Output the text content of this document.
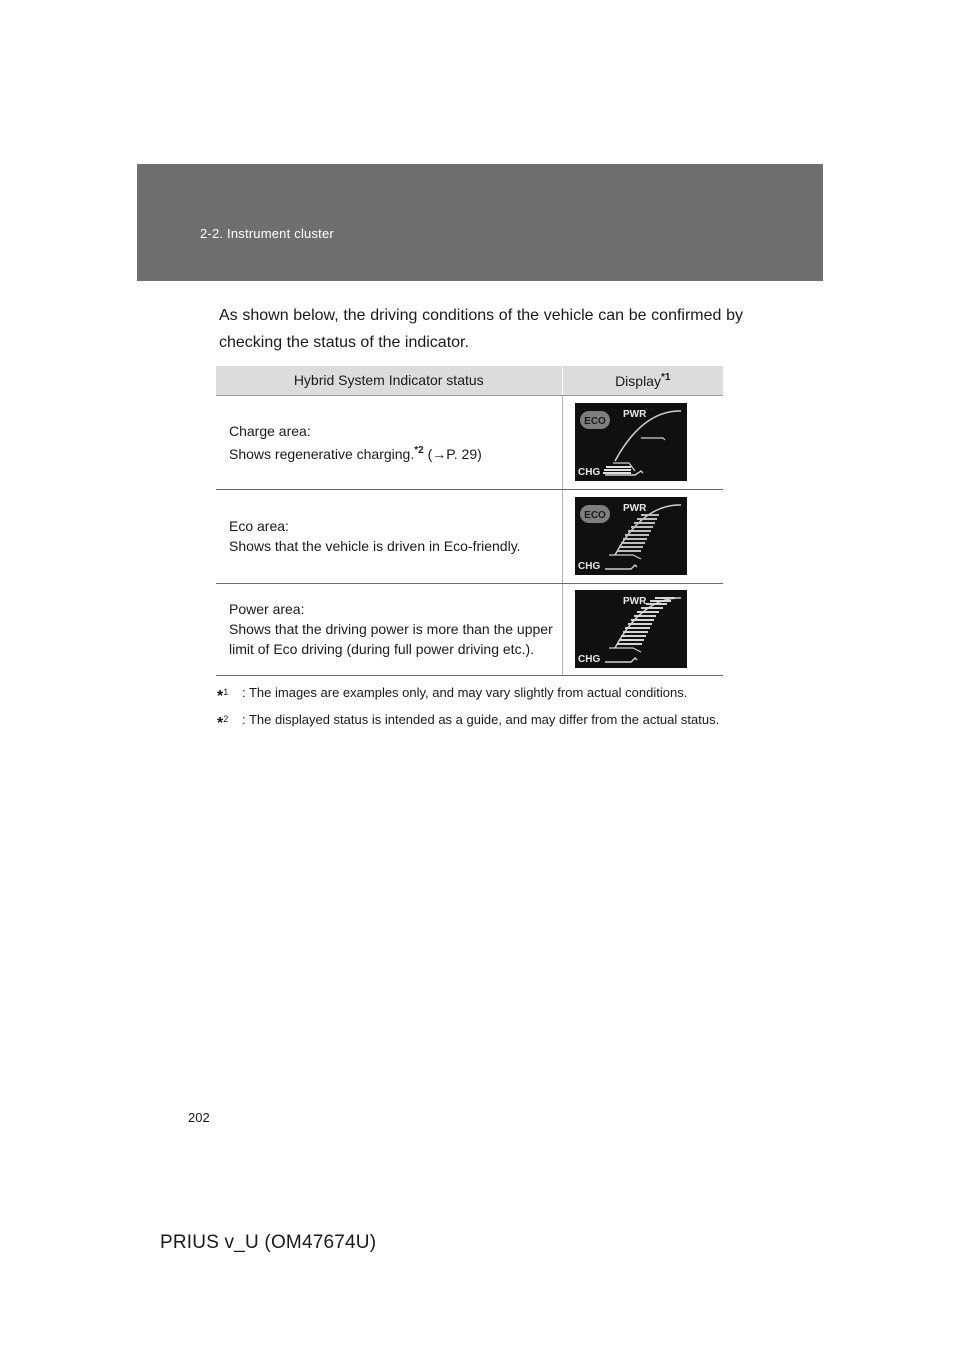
2-2. Instrument cluster

As shown below, the driving conditions of the vehicle can be confirmed by checking the status of the indicator.

Hybrid System Indicator status	Display$^{*1}$
Charge area:
Shows regenerative charging.$^{*2}$ (→P. 29)	ECO
PWR
CHG

Eco area:
Shows that the vehicle is driven in Eco-friendly.	ECO
PWR
CHG

Power area:
Shows that the driving power is more than the upper limit of Eco driving (during full power driving etc.).	PWR
CHG
*$^1$ : The images are examples only, and may vary slightly from actual conditions.
*$^2$ : The displayed status is intended as a guide, and may differ from the actual status.
202
PRIUS v_U (OM47674U)
